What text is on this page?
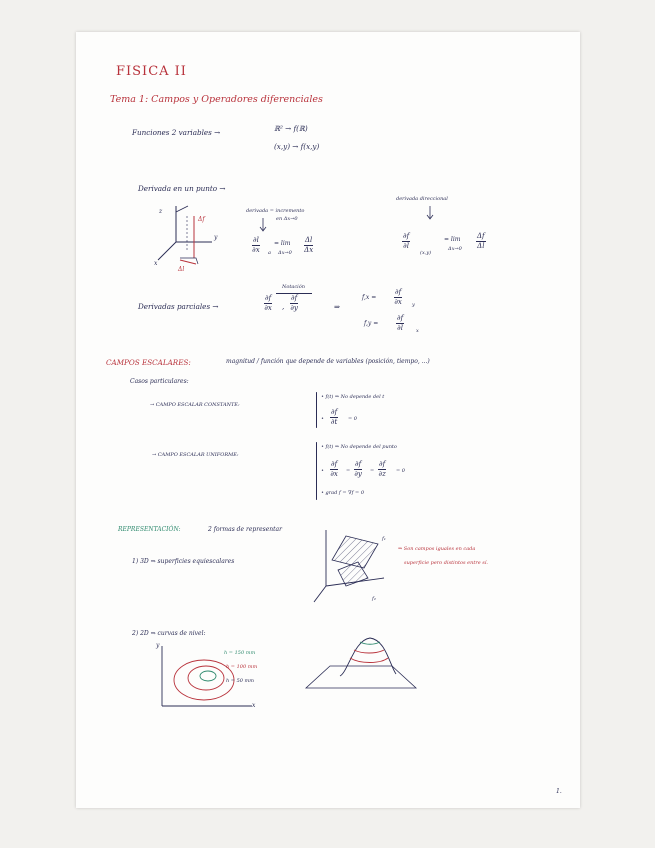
FISICA II
Tema 1: Campos y Operadores diferenciales
Funciones 2 variables →	ℝ² → f(ℝ)
(x,y) → f(x,y)
Derivada en un punto →
z
y
x
Δf
Δl
derivada = incremento
en Δx→0
$\frac{\partial l}{\partial x}$ a
= lim
$\Delta x\to 0 \frac{\Delta l}{\Delta x}$
derivada direccional
$\frac{\partial f}{\partial l}$
(x,y)
= lim
$\Delta x\to 0 \frac{\Delta f}{\Delta l}$
Derivadas parciales →
Notación
$\frac{\partial f}{\partial x}$ , $\frac{\partial f}{\partial y}$	⇒
f,x =	$\frac{\partial f}{\partial x}$ y
f,y =	$\frac{\partial f}{\partial l}$ x
CAMPOS ESCALARES:	magnitud / función que depende de variables (posición, tiempo, ...)
Casos particulares:
→ CAMPO ESCALAR CONSTANTE:
• f(t) ⇒ No depende del t
• $\frac{\partial f}{\partial t} = 0$
→ CAMPO ESCALAR UNIFORME:
• f(t) ⇒ No depende del punto
• $\frac{\partial f}{\partial x} = \frac{\partial f}{\partial y} = \frac{\partial f}{\partial z} = 0$
• grad f = ∇f = 0
REPRESENTACIÓN:	2 formas de representar
1) 3D ⇒ superficies equiescalares
f₁
f₂
⇒ Son campos iguales en cada
superficie pero distintos entre sí.
2) 2D ⇒ curvas de nivel:
y
x
h = 150 mm
h = 100 mm
h = 50 mm
1.
